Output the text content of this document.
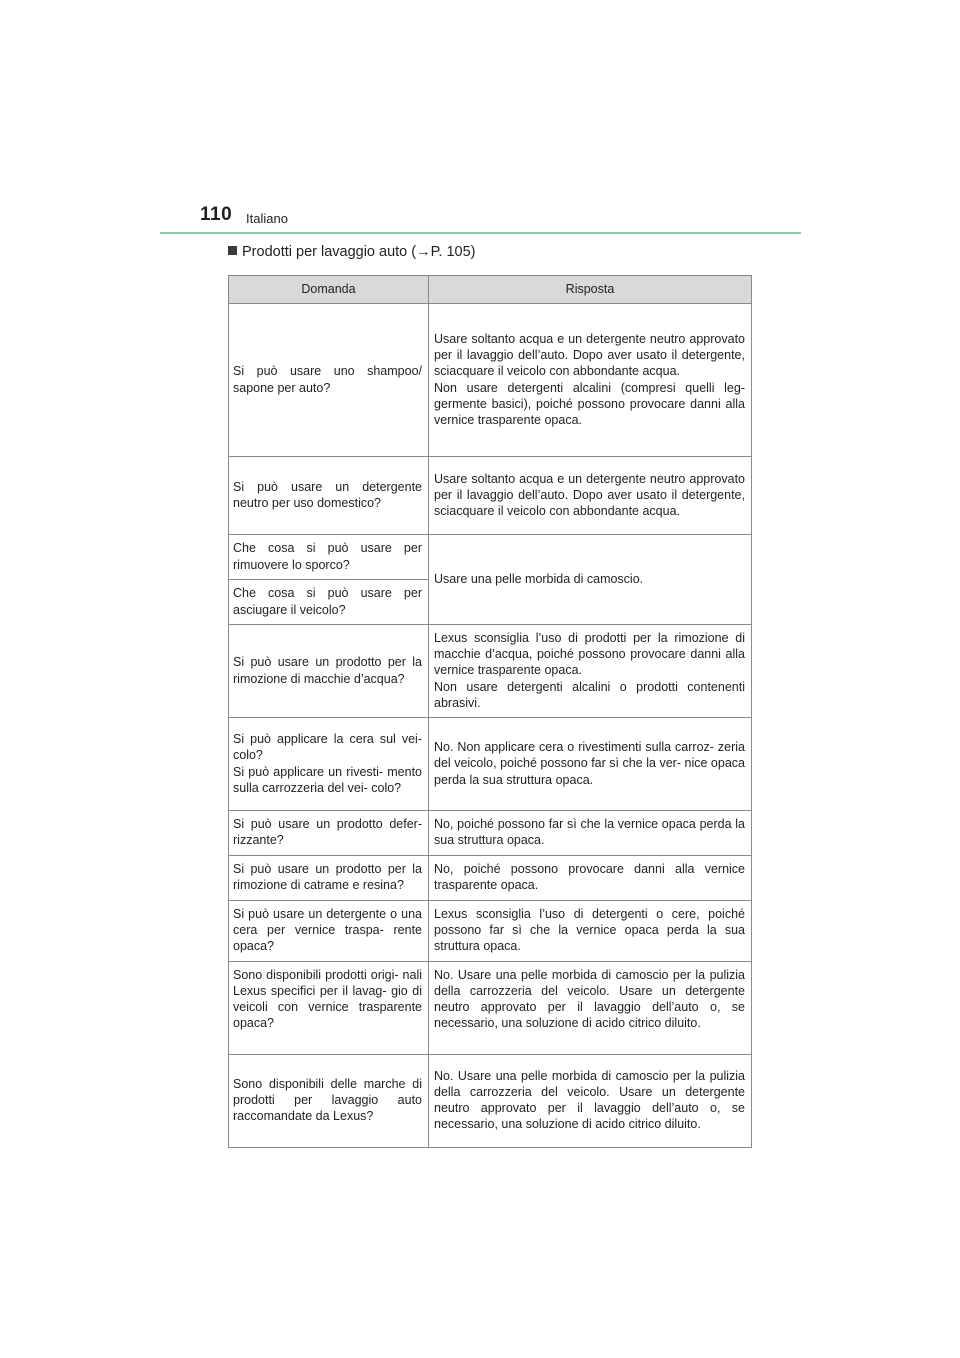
110 Italiano
Prodotti per lavaggio auto (→P. 105)
Domanda	Risposta
Si può usare uno shampoo/ sapone per auto?	Usare soltanto acqua e un detergente neutro approvato per il lavaggio dell’auto. Dopo aver usato il detergente, sciacquare il veicolo con abbondante acqua.
Non usare detergenti alcalini (compresi quelli leg- germente basici), poiché possono provocare danni alla vernice trasparente opaca.

Si può usare un detergente neutro per uso domestico?	Usare soltanto acqua e un detergente neutro approvato per il lavaggio dell’auto. Dopo aver usato il detergente, sciacquare il veicolo con abbondante acqua.
Che cosa si può usare per rimuovere lo sporco?	Usare una pelle morbida di camoscio.
Che cosa si può usare per asciugare il veicolo?	
Si può usare un prodotto per la rimozione di macchie d’acqua?	Lexus sconsiglia l’uso di prodotti per la rimozione di macchie d’acqua, poiché possono provocare danni alla vernice trasparente opaca.
Non usare detergenti alcalini o prodotti contenenti abrasivi.

Si può applicare la cera sul vei- colo?
Si può applicare un rivesti- mento sulla carrozzeria del vei- colo?	No. Non applicare cera o rivestimenti sulla carroz- zeria del veicolo, poiché possono far sì che la ver- nice opaca perda la sua struttura opaca.
Si può usare un prodotto defer- rizzante?	No, poiché possono far sì che la vernice opaca perda la sua struttura opaca.
Si può usare un prodotto per la rimozione di catrame e resina?	No, poiché possono provocare danni alla vernice trasparente opaca.
Si può usare un detergente o una cera per vernice traspa- rente opaca?	Lexus sconsiglia l’uso di detergenti o cere, poiché possono far sì che la vernice opaca perda la sua struttura opaca.
Sono disponibili prodotti origi- nali Lexus specifici per il lavag- gio di veicoli con vernice trasparente opaca?	No. Usare una pelle morbida di camoscio per la pulizia della carrozzeria del veicolo. Usare un detergente neutro approvato per il lavaggio dell’auto o, se necessario, una soluzione di acido citrico diluito.
Sono disponibili delle marche di prodotti per lavaggio auto raccomandate da Lexus?	No. Usare una pelle morbida di camoscio per la pulizia della carrozzeria del veicolo. Usare un detergente neutro approvato per il lavaggio dell’auto o, se necessario, una soluzione di acido citrico diluito.
